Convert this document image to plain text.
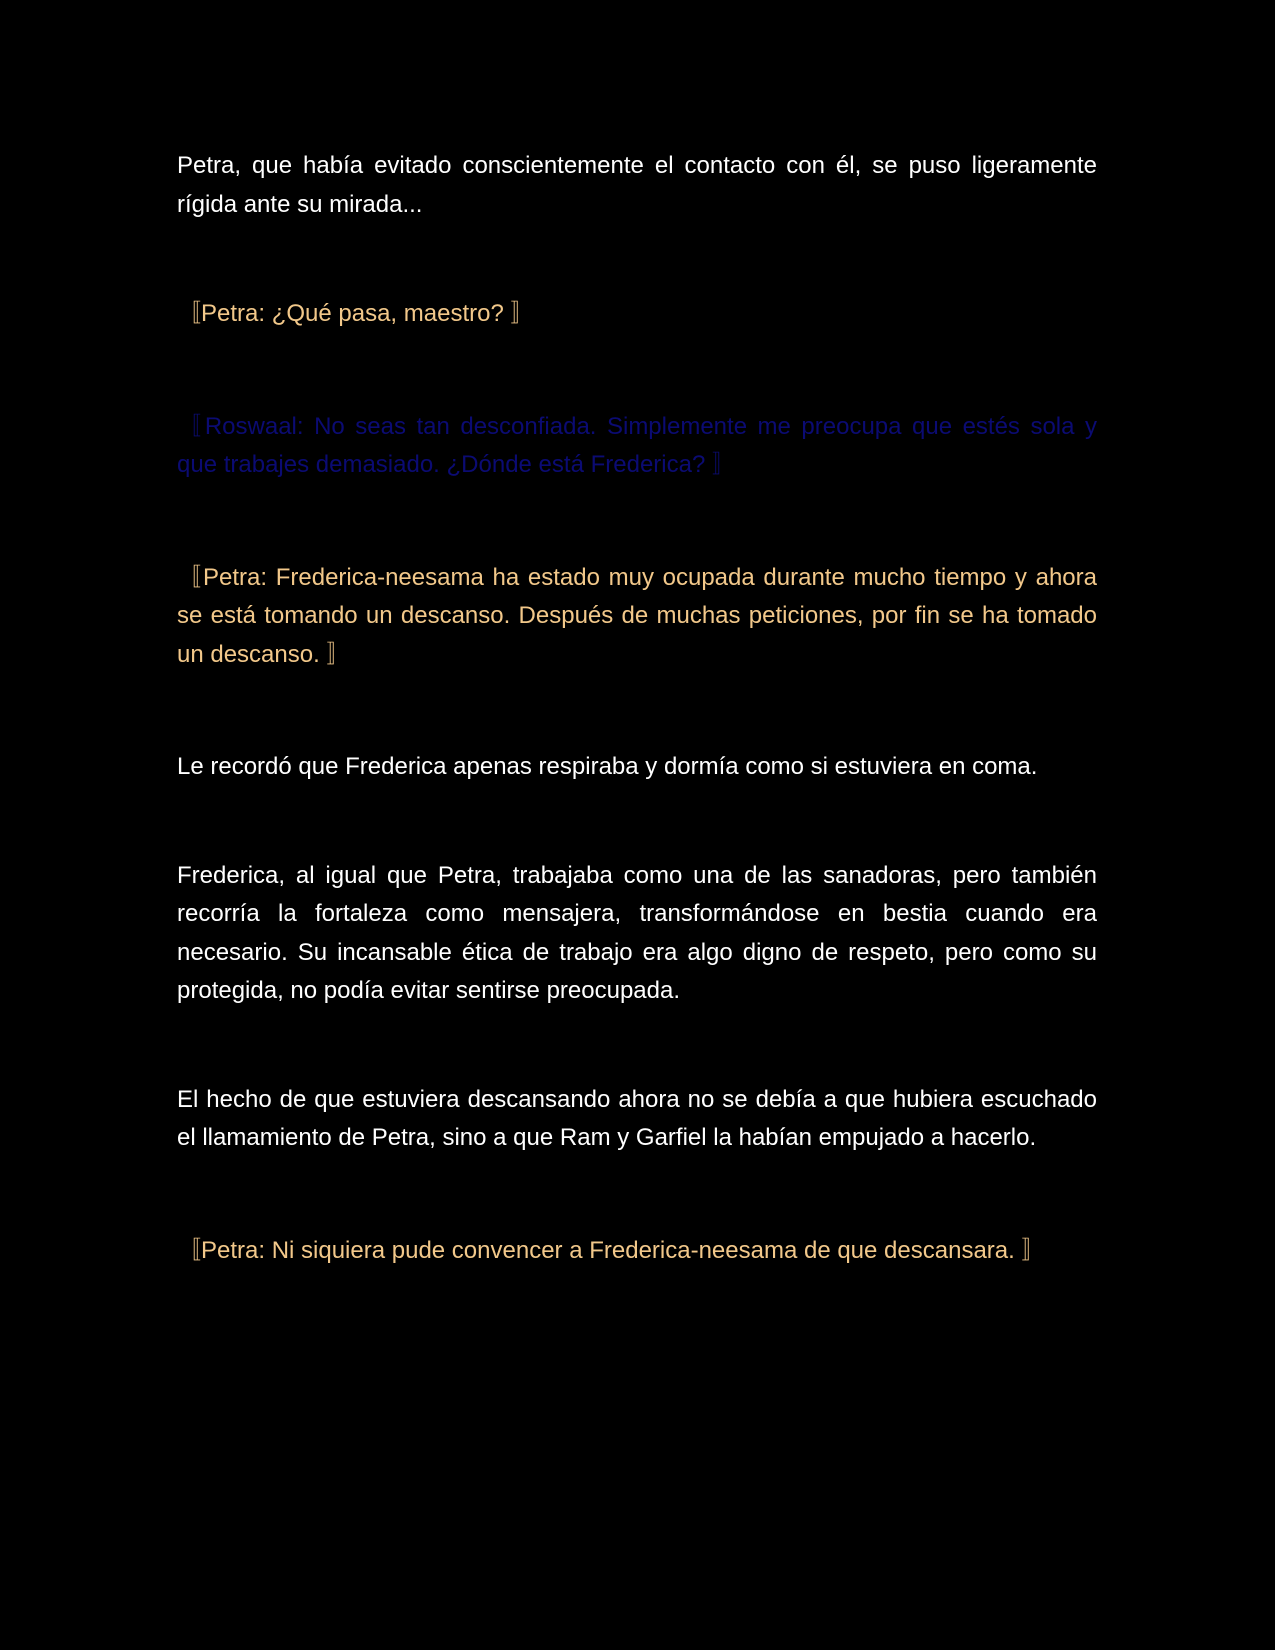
Petra, que había evitado conscientemente el contacto con él, se puso ligeramente rígida ante su mirada...

〚Petra: ¿Qué pasa, maestro? 〛

〚Roswaal: No seas tan desconfiada. Simplemente me preocupa que estés sola y que trabajes demasiado. ¿Dónde está Frederica? 〛

〚Petra: Frederica-neesama ha estado muy ocupada durante mucho tiempo y ahora se está tomando un descanso. Después de muchas peticiones, por fin se ha tomado un descanso. 〛

Le recordó que Frederica apenas respiraba y dormía como si estuviera en coma.

Frederica, al igual que Petra, trabajaba como una de las sanadoras, pero también recorría la fortaleza como mensajera, transformándose en bestia cuando era necesario. Su incansable ética de trabajo era algo digno de respeto, pero como su protegida, no podía evitar sentirse preocupada.

El hecho de que estuviera descansando ahora no se debía a que hubiera escuchado el llamamiento de Petra, sino a que Ram y Garfiel la habían empujado a hacerlo.

〚Petra: Ni siquiera pude convencer a Frederica-neesama de que descansara. 〛
